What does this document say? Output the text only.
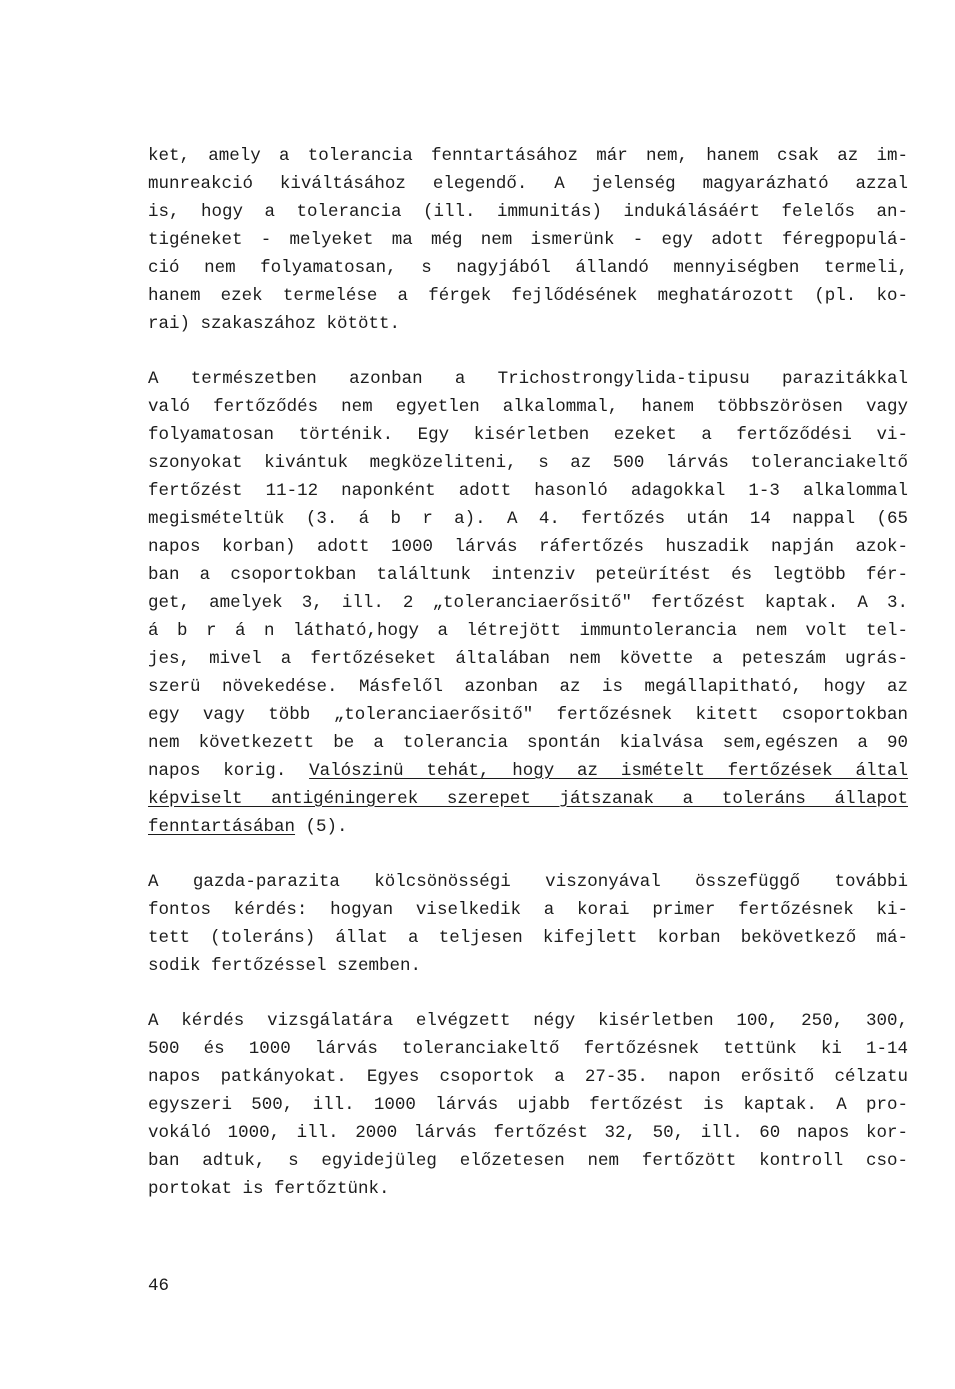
ket, amely a tolerancia fenntartásához már nem, hanem csak az im-
munreakció kiváltásához elegendő. A jelenség magyarázható azzal
is, hogy a tolerancia (ill. immunitás) indukálásáért felelős an-
tigéneket - melyeket ma még nem ismerünk - egy adott féregpopulá-
ció nem folyamatosan, s nagyjából állandó mennyiségben termeli,
hanem ezek termelése a férgek fejlődésének meghatározott (pl. ko-
rai) szakaszához kötött.
A természetben azonban a Trichostrongylida-tipusu parazitákkal
való fertőződés nem egyetlen alkalommal, hanem többszörösen vagy
folyamatosan történik. Egy kisérletben ezeket a fertőződési vi-
szonyokat kivántuk megközeliteni, s az 500 lárvás toleranciakeltő
fertőzést 11-12 naponként adott hasonló adagokkal 1-3 alkalommal
megismételtük (3. á b r a). A 4. fertőzés után 14 nappal (65
napos korban) adott 1000 lárvás ráfertőzés huszadik napján azok-
ban a csoportokban találtunk intenziv peteürítést és legtöbb fér-
get, amelyek 3, ill. 2 „toleranciaerősitő" fertőzést kaptak. A 3.
á b r á n látható,hogy a létrejött immuntolerancia nem volt tel-
jes, mivel a fertőzéseket általában nem követte a peteszám ugrás-
szerü növekedése. Másfelől azonban az is megállapitható, hogy az
egy vagy több „toleranciaerősitő" fertőzésnek kitett csoportokban
nem következett be a tolerancia spontán kialvása sem,egészen a 90
napos korig. Valószinü tehát, hogy az ismételt fertőzések által
képviselt antigéningerek szerepet játszanak a toleráns állapot
fenntartásában (5).
A gazda-parazita kölcsönösségi viszonyával összefüggő további
fontos kérdés: hogyan viselkedik a korai primer fertőzésnek ki-
tett (toleráns) állat a teljesen kifejlett korban bekövetkező má-
sodik fertőzéssel szemben.
A kérdés vizsgálatára elvégzett négy kisérletben 100, 250, 300,
500 és 1000 lárvás toleranciakeltő fertőzésnek tettünk ki 1-14
napos patkányokat. Egyes csoportok a 27-35. napon erősitő célzatu
egyszeri 500, ill. 1000 lárvás ujabb fertőzést is kaptak. A pro-
vokáló 1000, ill. 2000 lárvás fertőzést 32, 50, ill. 60 napos kor-
ban adtuk, s egyidejüleg előzetesen nem fertőzött kontroll cso-
portokat is fertőztünk.
46
